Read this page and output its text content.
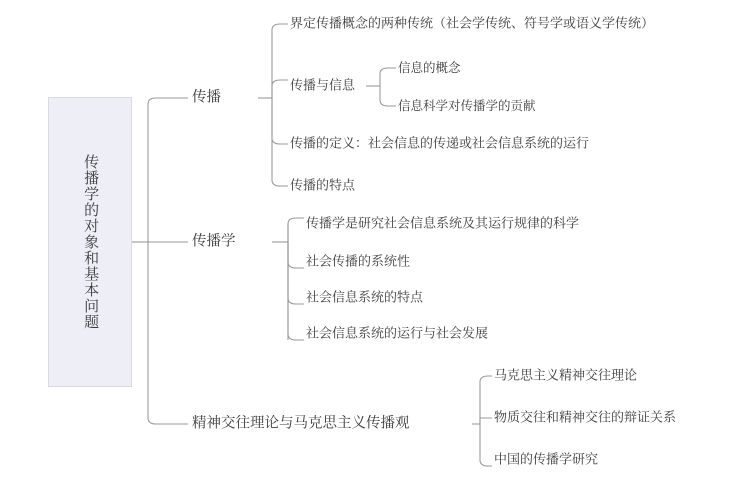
传播学的对象和基本问题
传播
传播学
精神交往理论与马克思主义传播观
界定传播概念的两种传统（社会学传统、符号学或语义学传统）
传播与信息
传播的定义：社会信息的传递或社会信息系统的运行
传播的特点
信息的概念
信息科学对传播学的贡献
传播学是研究社会信息系统及其运行规律的科学
社会传播的系统性
社会信息系统的特点
社会信息系统的运行与社会发展
马克思主义精神交往理论
物质交往和精神交往的辩证关系
中国的传播学研究
